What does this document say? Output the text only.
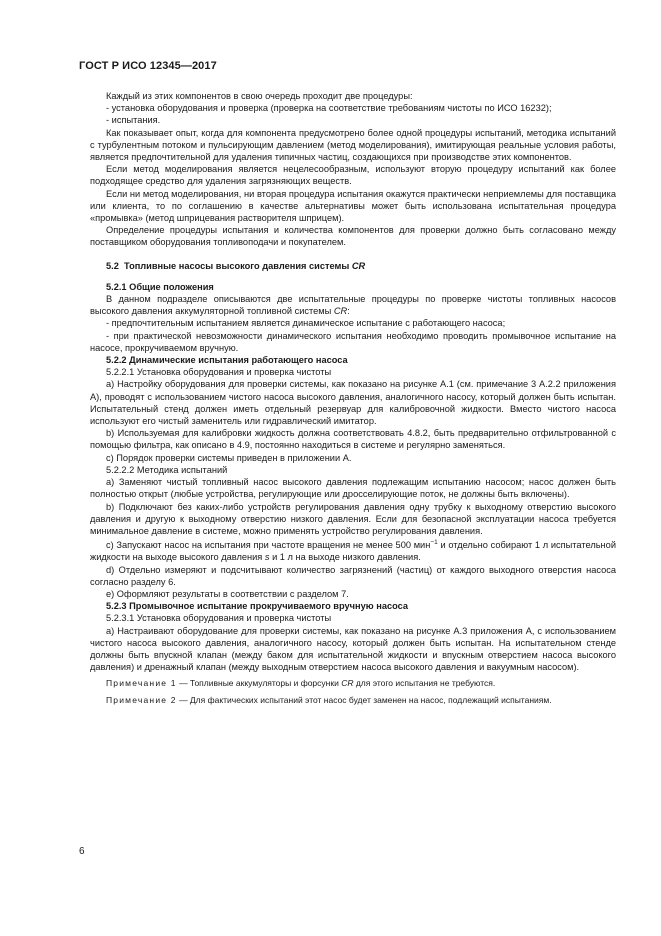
ГОСТ Р ИСО 12345—2017

Каждый из этих компонентов в свою очередь проходит две процедуры:

- установка оборудования и проверка (проверка на соответствие требованиям чистоты по ИСО 16232);

- испытания.

Как показывает опыт, когда для компонента предусмотрено более одной процедуры испытаний, методика испытаний с турбулентным потоком и пульсирующим давлением (метод моделирования), имитирующая реальные условия работы, является предпочтительной для удаления типичных частиц, создающихся при производстве этих компонентов.

Если метод моделирования является нецелесообразным, используют вторую процедуру испытаний как более подходящее средство для удаления загрязняющих веществ.

Если ни метод моделирования, ни вторая процедура испытания окажутся практически неприемлемы для поставщика или клиента, то по соглашению в качестве альтернативы может быть использована испытательная процедура «промывка» (метод шприцевания растворителя шприцем).

Определение процедуры испытания и количества компонентов для проверки должно быть согласовано между поставщиком оборудования топливоподачи и покупателем.

5.2 Топливные насосы высокого давления системы CR

5.2.1 Общие положения

В данном подразделе описываются две испытательные процедуры по проверке чистоты топливных насосов высокого давления аккумуляторной топливной системы CR:

- предпочтительным испытанием является динамическое испытание с работающего насоса;

- при практической невозможности динамического испытания необходимо проводить промывочное испытание на насосе, прокручиваемом вручную.

5.2.2 Динамические испытания работающего насоса

5.2.2.1 Установка оборудования и проверка чистоты

a) Настройку оборудования для проверки системы, как показано на рисунке А.1 (см. примечание 3 А.2.2 приложения А), проводят с использованием чистого насоса высокого давления, аналогичного насосу, который должен быть испытан. Испытательный стенд должен иметь отдельный резервуар для калибровочной жидкости. Вместо чистого насоса используют его чистый заменитель или гидравлический имитатор.

b) Используемая для калибровки жидкость должна соответствовать 4.8.2, быть предварительно отфильтрованной с помощью фильтра, как описано в 4.9, постоянно находиться в системе и регулярно заменяться.

c) Порядок проверки системы приведен в приложении А.

5.2.2.2 Методика испытаний

a) Заменяют чистый топливный насос высокого давления подлежащим испытанию насосом; насос должен быть полностью открыт (любые устройства, регулирующие или дросселирующие поток, не должны быть включены).

b) Подключают без каких-либо устройств регулирования давления одну трубку к выходному отверстию высокого давления и другую к выходному отверстию низкого давления. Если для безопасной эксплуатации насоса требуется минимальное давление в системе, можно применять устройство регулирования давления.

c) Запускают насос на испытания при частоте вращения не менее 500 мин$^{-1}$ и отдельно собирают 1 л испытательной жидкости на выходе высокого давления s и 1 л на выходе низкого давления.

d) Отдельно измеряют и подсчитывают количество загрязнений (частиц) от каждого выходного отверстия насоса согласно разделу 6.

e) Оформляют результаты в соответствии с разделом 7.

5.2.3 Промывочное испытание прокручиваемого вручную насоса

5.2.3.1 Установка оборудования и проверка чистоты

a) Настраивают оборудование для проверки системы, как показано на рисунке А.3 приложения А, с использованием чистого насоса высокого давления, аналогичного насосу, который должен быть испытан. На испытательном стенде должны быть впускной клапан (между баком для испытательной жидкости и впускным отверстием насоса высокого давления) и дренажный клапан (между выходным отверстием насоса высокого давления и вакуумным насосом).

Примечание 1 — Топливные аккумуляторы и форсунки CR для этого испытания не требуются.

Примечание 2 — Для фактических испытаний этот насос будет заменен на насос, подлежащий испытаниям.

6
